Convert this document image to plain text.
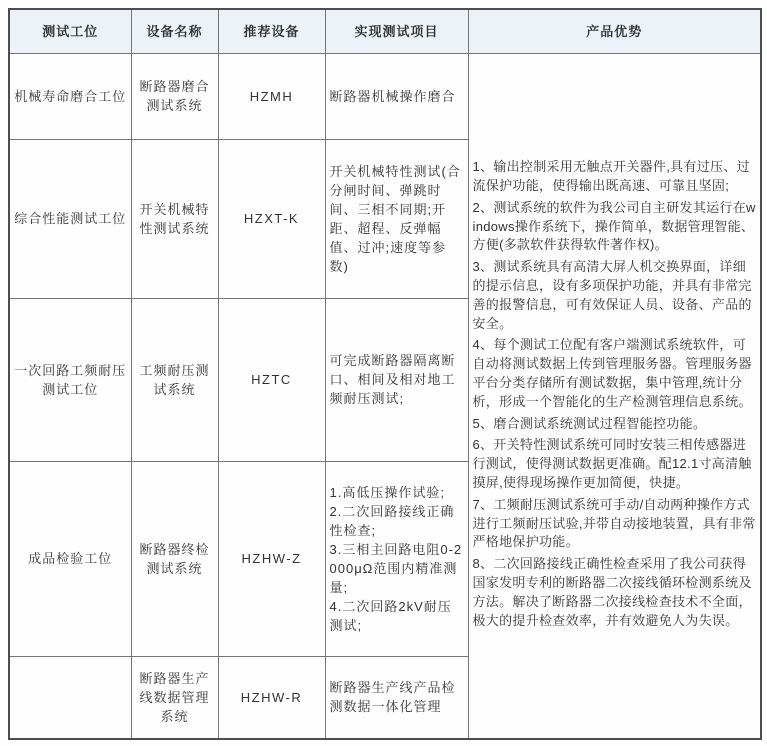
测试工位	设备名称	推荐设备	实现测试项目	产品优势
机械寿命磨合工位	断路器磨合测试系统	HZMH	断路器机械操作磨合

1、输出控制采用无触点开关器件,具有过压、过流保护功能，使得输出既高速、可靠且坚固;

2、测试系统的软件为我公司自主研发其运行在windows操作系统下，操作简单，数据管理智能、方便(多款软件获得软件著作权)。

3、测试系统具有高清大屏人机交换界面，详细的提示信息，设有多项保护功能，并具有非常完善的报警信息，可有效保证人员、设备、产品的安全。

4、每个测试工位配有客户端测试系统软件，可自动将测试数据上传到管理服务器。管理服务器平台分类存储所有测试数据，集中管理,统计分析，形成一个智能化的生产检测管理信息系统。

5、磨合测试系统测试过程智能控功能。

6、开关特性测试系统可同时安装三相传感器进行测试，使得测试数据更准确。配12.1寸高清触摸屏,使得现场操作更加简便，快捷。

7、工频耐压测试系统可手动/自动两种操作方式进行工频耐压试验,并带自动接地装置，具有非常严格地保护功能。

8、二次回路接线正确性检查采用了我公司获得国家发明专利的断路器二次接线循环检测系统及方法。解决了断路器二次接线检查技术不全面，极大的提升检查效率，并有效避免人为失误。

综合性能测试工位	开关机械特性测试系统	HZXT-K	开关机械特性测试(合分闸时间、弹跳时间、三相不同期;开距、超程、反弹幅值、过冲;速度等参数)	

一次回路工频耐压测试工位	工频耐压测试系统	HZTC	可完成断路器隔离断口、相间及相对地工频耐压测试;	

成品检验工位	断路器终检测试系统	HZHW-Z	1.高低压操作试验;

2.二次回路接线正确性检查;

3.三相主回路电阻0-2000μΩ范围内精准测量;

4.二次回路2kV耐压测试;	

	断路器生产线数据管理系统	HZHW-R	断路器生产线产品检测数据一体化管理	
